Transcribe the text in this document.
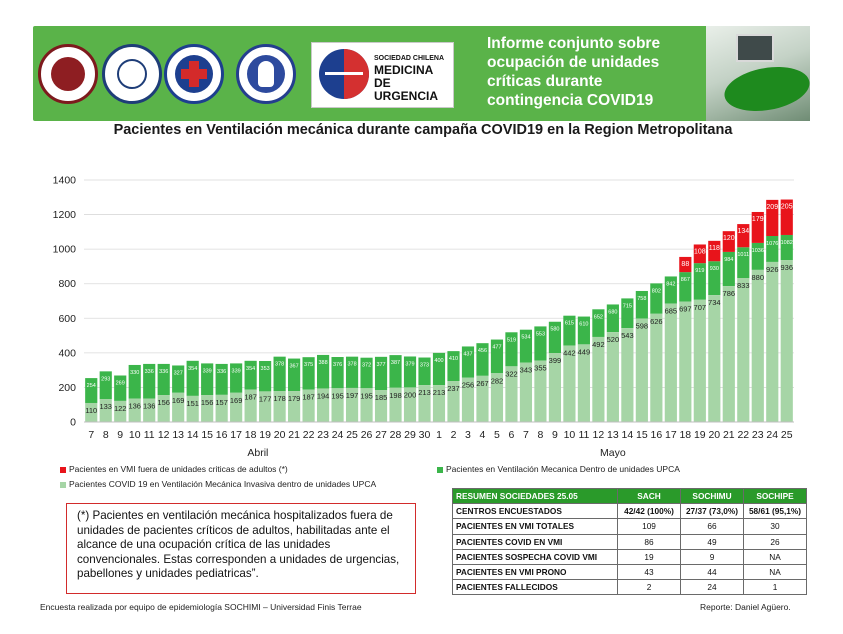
SOCIEDAD CHILENA
MEDICINA DE URGENCIA
Informe conjunto sobre ocupación de unidades críticas durante contingencia COVID19
Pacientes en Ventilación mecánica durante campaña COVID19 en la Region Metropolitana
0
200
400
600
800
1000
1200
1400
254
110
7
293
133
8
269
122
9
330
136
10
336
136
11
336
156
12
327
169
13
354
151
14
339
156
15
336
157
16
339
169
17
354
187
18
353
177
19
378
178
20
367
179
21
375
187
22
388
194
23
376
195
24
378
197
25
372
195
26
377
185
27
387
198
28
379
200
29
373
213
30
400
213
1
410
237
2
437
256
3
456
267
4
477
282
5
519
322
6
534
343
7
553
355
8
580
399
9
615
442
10
610
449
11
652
492
12
680
520
13
715
543
14
758
598
15
802
626
16
842
685
17
88
867
697
18
108
919
707
19
118
930
734
20
120
984
786
21
134
1011
833
22
179
1036
880
23
209
1076
926
24
205
1082
936
25
Abril	Mayo
Pacientes en VMI fuera de unidades criticas de adultos (*)	Pacientes en Ventilación Mecanica Dentro de unidades UPCA
Pacientes COVID 19 en Ventilación Mecánica Invasiva dentro de unidades UPCA
(*) Pacientes en ventilación mecánica hospitalizados fuera de unidades de pacientes críticos de adultos, habilitadas ante el alcance de una ocupación crítica de las unidades convencionales. Estas corresponden a unidades de urgencias, pabellones y unidades pediatricas”.
RESUMEN SOCIEDADES 25.05	SACH	SOCHIMU	SOCHIPE
CENTROS ENCUESTADOS	42/42 (100%)	27/37 (73,0%)	58/61 (95,1%)
PACIENTES EN VMI TOTALES	109	66	30
PACIENTES COVID EN VMI	86	49	26
PACIENTES SOSPECHA COVID VMI	19	9	NA
PACIENTES EN VMI PRONO	43	44	NA
PACIENTES FALLECIDOS	2	24	1
Encuesta realizada por equipo de epidemiología SOCHIMI – Universidad Finis Terrae	Reporte: Daniel Agüero.
